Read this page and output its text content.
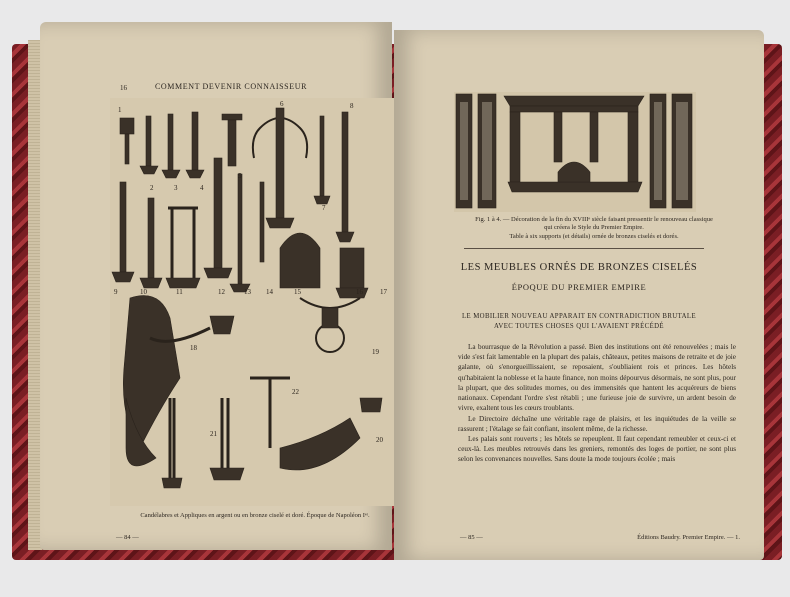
16	COMMENT DEVENIR CONNAISSEUR
1
2	3	4
5
6
7
8
9	10	11	12	13 14	15	16 17
18	19
20
21
22
Candélabres et Appliques en argent ou en bronze ciselé et doré. Époque de Napoléon Iᵉʳ.
— 84 —
Fig. 1 à 4. — Décoration de la fin du XVIIIᵉ siècle faisant pressentir le renouveau classique
qui créera le Style du Premier Empire.
Table à six supports (et détails) ornée de bronzes ciselés et dorés.
LES MEUBLES ORNÉS DE BRONZES CISELÉS
ÉPOQUE DU PREMIER EMPIRE
LE MOBILIER NOUVEAU APPARAIT EN CONTRADICTION BRUTALE
AVEC TOUTES CHOSES QUI L'AVAIENT PRÉCÉDÉ

La bourrasque de la Révolution a passé. Bien des institutions ont été renouvelées ; mais le vide s'est fait lamentable en la plupart des palais, châteaux, petites maisons de retraite et de joie galante, où s'enorgueillissaient, se reposaient, s'oubliaient rois et princes. Les hôtels qu'habitaient la noblesse et la haute finance, non moins dépourvus désormais, ne sont plus, pour la plupart, que des solitudes mornes, ou des immensités que hantent les acquéreurs de biens nationaux. Cependant l'ordre s'est rétabli ; une furieuse joie de survivre, un ardent besoin de vivre, exaltent tous les cœurs troublants.

Le Directoire déchaîne une véritable rage de plaisirs, et les inquiétudes de la veille se rassurent ; l'étalage se fait confiant, insolent même, de la richesse.

Les palais sont rouverts ; les hôtels se repeuplent. Il faut cependant remeubler et ceux-ci et ceux-là. Les meubles retrouvés dans les greniers, remontés des loges de portier, ne sont plus selon les convenances nouvelles. Sans doute la mode toujours écolée ; mais

— 85 —	Éditions Baudry. Premier Empire. — 1.
